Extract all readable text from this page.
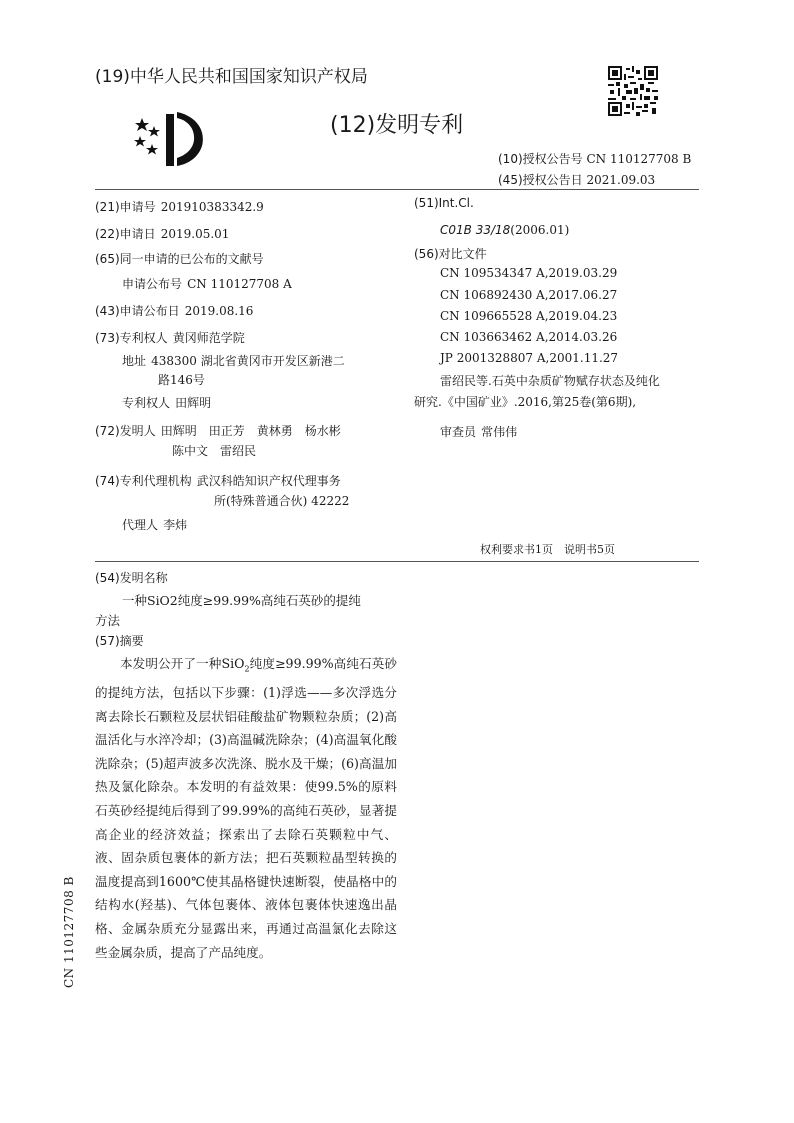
(19)中华人民共和国国家知识产权局
(12)发明专利
(10)授权公告号 CN 110127708 B
(45)授权公告日 2021.09.03
(21)申请号 201910383342.9
(22)申请日 2019.05.01
(65)同一申请的已公布的文献号
申请公布号 CN 110127708 A
(43)申请公布日 2019.08.16
(73)专利权人 黄冈师范学院
地址 438300 湖北省黄冈市开发区新港二
路146号
专利权人 田辉明
(72)发明人 田辉明　田正芳　黄林勇　杨水彬
陈中文　雷绍民
(74)专利代理机构 武汉科皓知识产权代理事务
所(特殊普通合伙) 42222
代理人 李炜
(51)Int.Cl.
C01B 33/18(2006.01)
(56)对比文件
CN 109534347 A,2019.03.29
CN 106892430 A,2017.06.27
CN 109665528 A,2019.04.23
CN 103663462 A,2014.03.26
JP 2001328807 A,2001.11.27
雷绍民等.石英中杂质矿物赋存状态及纯化
研究.《中国矿业》.2016,第25卷(第6期),
审查员 常伟伟
权利要求书1页　说明书5页
(54)发明名称
一种SiO2纯度≥99.99%高纯石英砂的提纯
方法
(57)摘要
本发明公开了一种SiO$_2$纯度≥99.99%高纯石英砂的提纯方法，包括以下步骤：(1)浮选——多次浮选分离去除长石颗粒及层状铝硅酸盐矿物颗粒杂质；(2)高温活化与水淬冷却；(3)高温碱洗除杂；(4)高温氧化酸洗除杂；(5)超声波多次洗涤、脱水及干燥；(6)高温加热及氯化除杂。本发明的有益效果：使99.5%的原料石英砂经提纯后得到了99.99%的高纯石英砂，显著提高企业的经济效益；探索出了去除石英颗粒中气、液、固杂质包裹体的新方法；把石英颗粒晶型转换的温度提高到1600℃使其晶格键快速断裂，使晶格中的结构水(羟基)、气体包裹体、液体包裹体快速逸出晶格、金属杂质充分显露出来，再通过高温氯化去除这些金属杂质，提高了产品纯度。
CN 110127708 B
